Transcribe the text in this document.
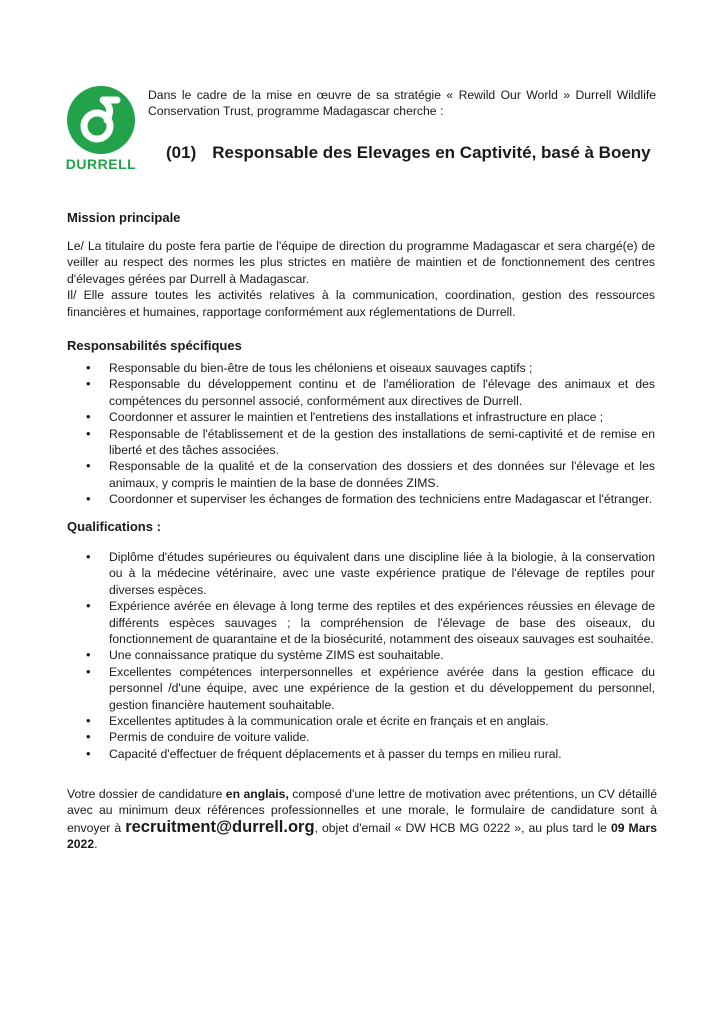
DURRELL
Dans le cadre de la mise en œuvre de sa stratégie « Rewild Our World » Durrell Wildlife Conservation Trust, programme Madagascar cherche :
(01) Responsable des Elevages en Captivité, basé à Boeny
Mission principale

Le/ La titulaire du poste fera partie de l'équipe de direction du programme Madagascar et sera chargé(e) de veiller au respect des normes les plus strictes en matière de maintien et de fonctionnement des centres d'élevages gérées par Durrell à Madagascar.

Il/ Elle assure toutes les activités relatives à la communication, coordination, gestion des ressources financières et humaines, rapportage conformément aux réglementations de Durrell.

Responsabilités spécifiques
• Responsable du bien-être de tous les chéloniens et oiseaux sauvages captifs ;
• Responsable du développement continu et de l'amélioration de l'élevage des animaux et des compétences du personnel associé, conformément aux directives de Durrell.
• Coordonner et assurer le maintien et l'entretiens des installations et infrastructure en place ;
• Responsable de l'établissement et de la gestion des installations de semi-captivité et de remise en liberté et des tâches associées.
• Responsable de la qualité et de la conservation des dossiers et des données sur l'élevage et les animaux, y compris le maintien de la base de données ZIMS.
• Coordonner et superviser les échanges de formation des techniciens entre Madagascar et l'étranger.
Qualifications :
• Diplôme d'études supérieures ou équivalent dans une discipline liée à la biologie, à la conservation ou à la médecine vétérinaire, avec une vaste expérience pratique de l'élevage de reptiles pour diverses espèces.
• Expérience avérée en élevage à long terme des reptiles et des expériences réussies en élevage de différents espèces sauvages ; la compréhension de l'élevage de base des oiseaux, du fonctionnement de quarantaine et de la biosécurité, notamment des oiseaux sauvages est souhaitée.
• Une connaissance pratique du système ZIMS est souhaitable.
• Excellentes compétences interpersonnelles et expérience avérée dans la gestion efficace du personnel /d'une équipe, avec une expérience de la gestion et du développement du personnel, gestion financière hautement souhaitable.
• Excellentes aptitudes à la communication orale et écrite en français et en anglais.
• Permis de conduire de voiture valide.
• Capacité d'effectuer de fréquent déplacements et à passer du temps en milieu rural.
Votre dossier de candidature en anglais, composé d'une lettre de motivation avec prétentions, un CV détaillé avec au minimum deux références professionnelles et une morale, le formulaire de candidature sont à envoyer à recruitment@durrell.org, objet d'email « DW HCB MG 0222 », au plus tard le 09 Mars 2022.
